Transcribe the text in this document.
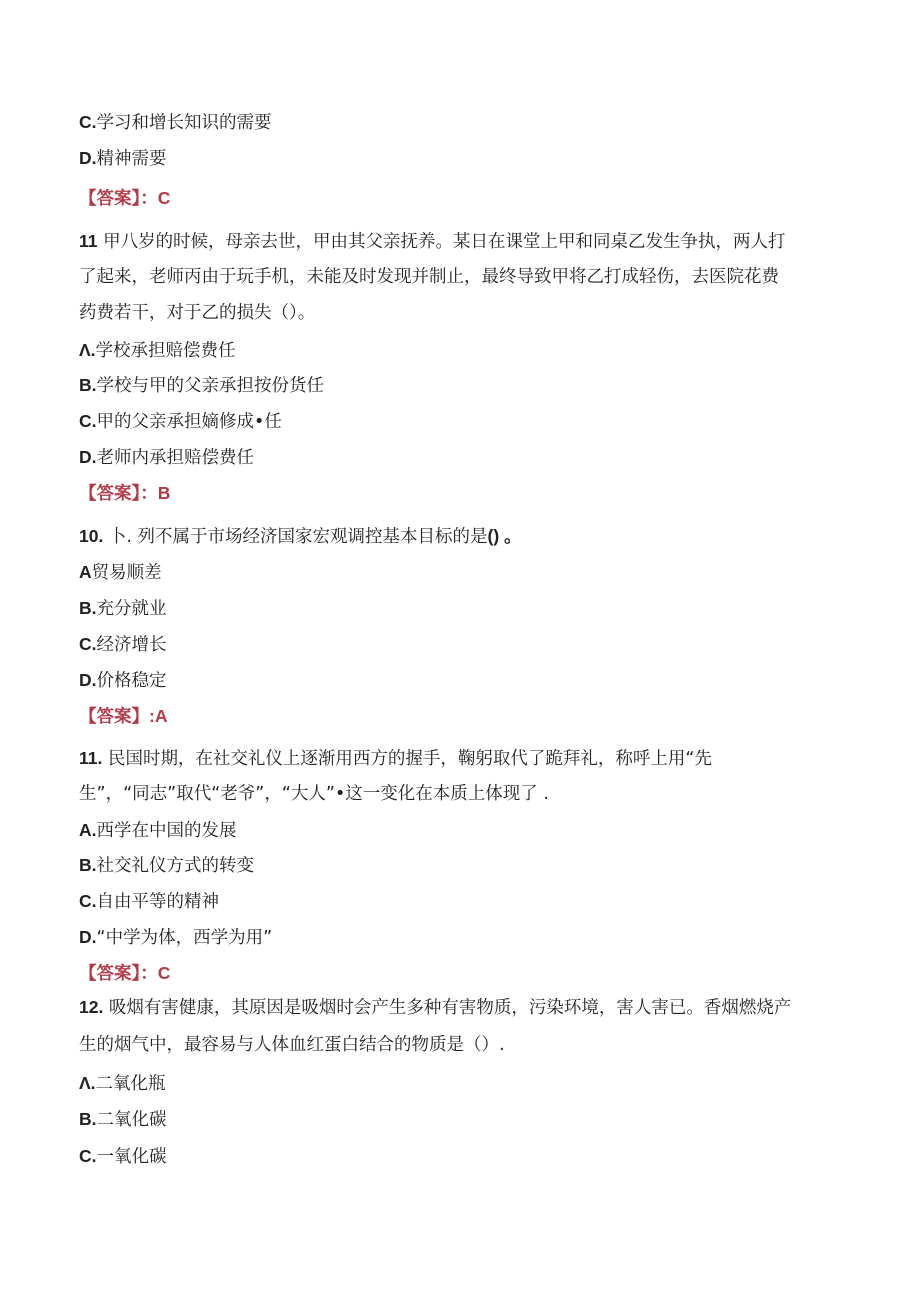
C.学习和增长知识的需要
D.精神需要
【答案】：C
11 甲八岁的时候，母亲去世，甲由其父亲抚养。某日在课堂上甲和同桌乙发生争执，两人打
了起来，老师丙由于玩手机，未能及时发现并制止，最终导致甲将乙打成轻伤，去医院花费
药费若干，对于乙的损失（）。
Λ.学校承担赔偿费任
B.学校与甲的父亲承担按份货任
C.甲的父亲承担嫡修成•任
D.老师内承担赔偿费任
【答案】：B
10. 卜. 列不属于市场经济国家宏观调控基本目标的是() 。
A贸易顺差
B.充分就业
C.经济增长
D.价格稳定
【答案】:A
11. 民国时期，在社交礼仪上逐渐用西方的握手，鞠躬取代了跪拜礼，称呼上用“先
生”，“同志”取代“老爷”，“大人”•这一变化在本质上体现了 .
A.西学在中国的发展
B.社交礼仪方式的转变
C.自由平等的精神
D.“中学为体，西学为用”
【答案】：C
12. 吸烟有害健康，其原因是吸烟时会产生多种有害物质，污染环境，害人害已。香烟燃烧产
生的烟气中，最容易与人体血红蛋白结合的物质是（）.
Λ.二氧化瓶
B.二氧化碳
C.一氧化碳
